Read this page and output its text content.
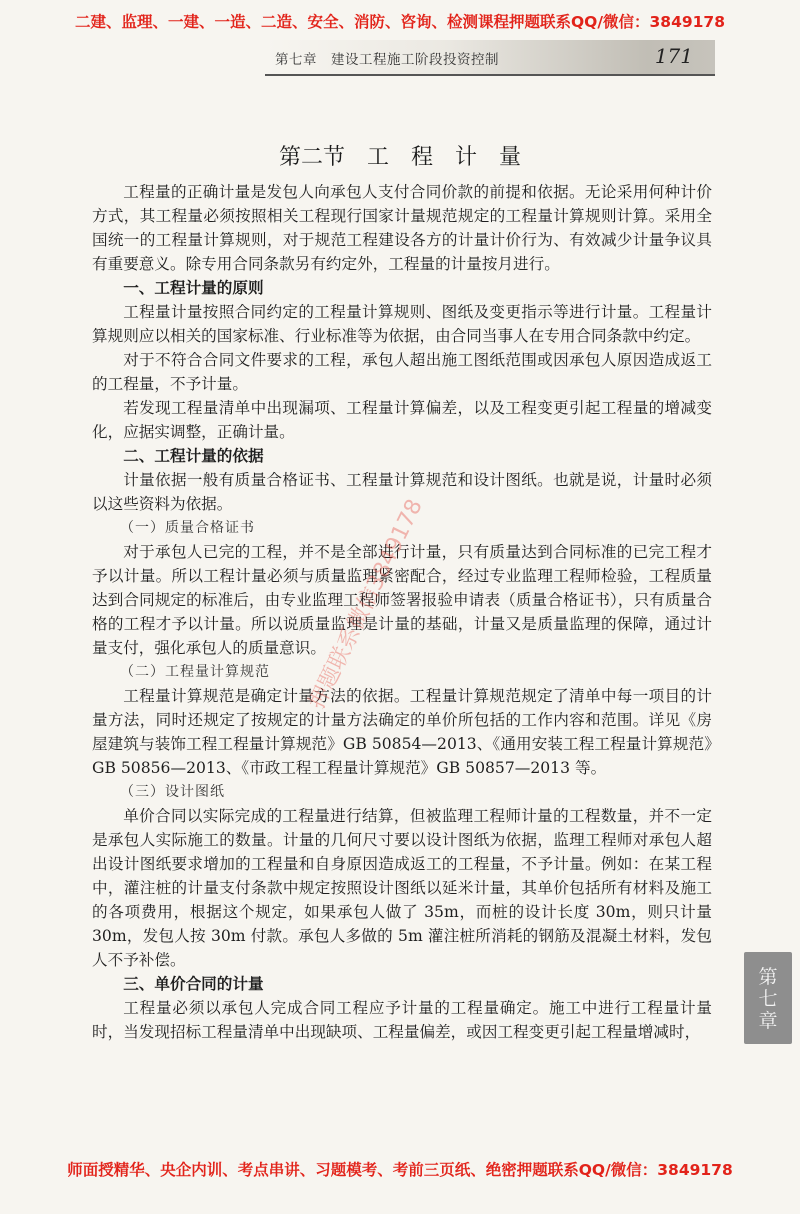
二建、监理、一建、一造、二造、安全、消防、咨询、检测课程押题联系QQ/微信：3849178
第七章　 建设工程施工阶段投资控制	171
第二节　工　程　计　量

工程量的正确计量是发包人向承包人支付合同价款的前提和依据。无论采用何种计价方式，其工程量必须按照相关工程现行国家计量规范规定的工程量计算规则计算。采用全国统一的工程量计算规则，对于规范工程建设各方的计量计价行为、有效减少计量争议具有重要意义。除专用合同条款另有约定外，工程量的计量按月进行。

一、工程计量的原则

工程量计量按照合同约定的工程量计算规则、图纸及变更指示等进行计量。工程量计算规则应以相关的国家标准、行业标准等为依据，由合同当事人在专用合同条款中约定。

对于不符合合同文件要求的工程，承包人超出施工图纸范围或因承包人原因造成返工的工程量，不予计量。

若发现工程量清单中出现漏项、工程量计算偏差，以及工程变更引起工程量的增减变化，应据实调整，正确计量。

二、工程计量的依据

计量依据一般有质量合格证书、工程量计算规范和设计图纸。也就是说，计量时必须以这些资料为依据。

（一）质量合格证书

对于承包人已完的工程，并不是全部进行计量，只有质量达到合同标准的已完工程才予以计量。所以工程计量必须与质量监理紧密配合，经过专业监理工程师检验，工程质量达到合同规定的标准后，由专业监理工程师签署报验申请表（质量合格证书），只有质量合格的工程才予以计量。所以说质量监理是计量的基础，计量又是质量监理的保障，通过计量支付，强化承包人的质量意识。

（二）工程量计算规范

工程量计算规范是确定计量方法的依据。工程量计算规范规定了清单中每一项目的计量方法，同时还规定了按规定的计量方法确定的单价所包括的工作内容和范围。详见《房屋建筑与装饰工程工程量计算规范》GB 50854—2013、《通用安装工程工程量计算规范》GB 50856—2013、《市政工程工程量计算规范》GB 50857—2013 等。

（三）设计图纸

单价合同以实际完成的工程量进行结算，但被监理工程师计量的工程数量，并不一定是承包人实际施工的数量。计量的几何尺寸要以设计图纸为依据，监理工程师对承包人超出设计图纸要求增加的工程量和自身原因造成返工的工程量，不予计量。例如：在某工程中，灌注桩的计量支付条款中规定按照设计图纸以延米计量，其单价包括所有材料及施工的各项费用，根据这个规定，如果承包人做了 35m，而桩的设计长度 30m，则只计量 30m，发包人按 30m 付款。承包人多做的 5m 灌注桩所消耗的钢筋及混凝土材料，发包人不予补偿。

三、单价合同的计量

工程量必须以承包人完成合同工程应予计量的工程量确定。施工中进行工程量计量时，当发现招标工程量清单中出现缺项、工程量偏差，或因工程变更引起工程量增减时，

押题联系微信3849178
第
七
章
师面授精华、央企内训、考点串讲、习题模考、考前三页纸、绝密押题联系QQ/微信：3849178
